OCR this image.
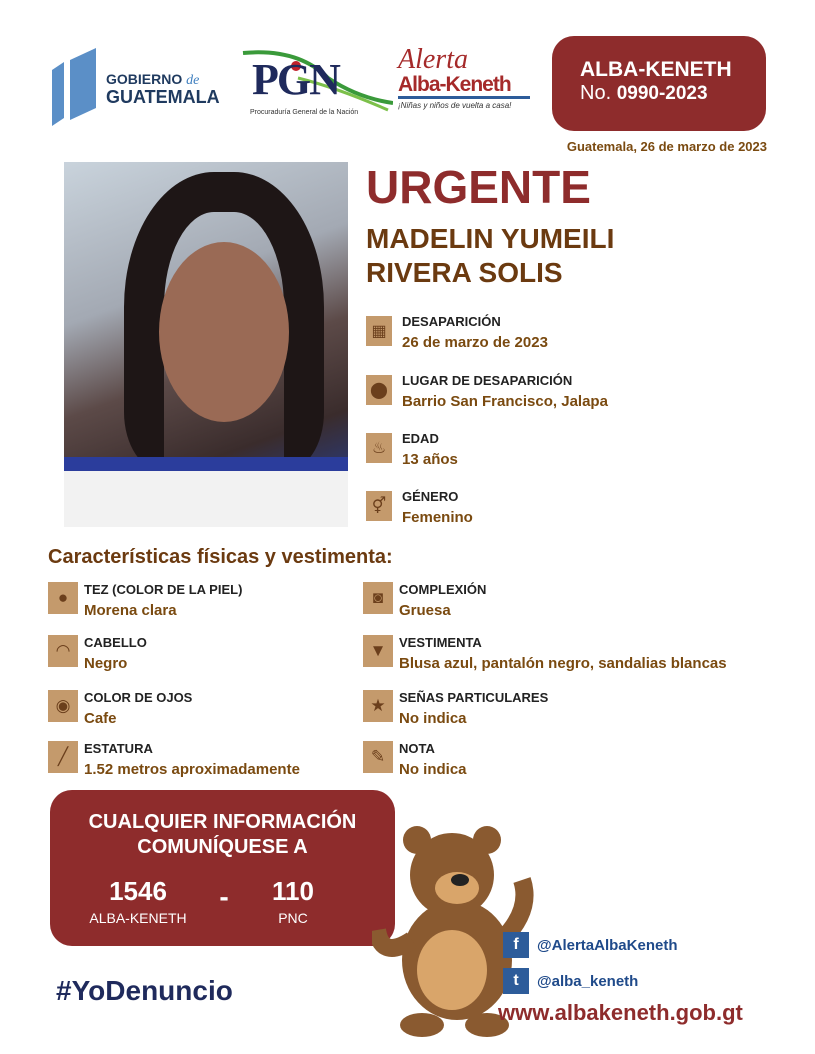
GOBIERNO de
GUATEMALA PGN
Procuraduría General de la Nación
Alerta
Alba-Keneth
¡Niñas y niños de vuelta a casa!
ALBA-KENETH
No. 0990-2023
Guatemala, 26 de marzo de 2023
URGENTE
MADELIN YUMEILI
RIVERA SOLIS
▦
DESAPARICIÓN
26 de marzo de 2023
⬤
LUGAR DE DESAPARICIÓN
Barrio San Francisco, Jalapa
♨
EDAD
13 años
⚥
GÉNERO
Femenino
Características físicas y vestimenta:
●	TEZ (COLOR DE LA PIEL)
Morena clara
◠	CABELLO
Negro
◉	COLOR DE OJOS
Cafe
╱	ESTATURA
1.52 metros aproximadamente
◙	COMPLEXIÓN
Gruesa
▼ VESTIMENTA
Blusa azul, pantalón negro, sandalias blancas
★	SEÑAS PARTICULARES
No indica
✎	NOTA
No indica
CUALQUIER INFORMACIÓN
COMUNÍQUESE A
1546
ALBA-KENETH
-	110
PNC
#YoDenuncio
f	@AlertaAlbaKeneth
t	@alba_keneth
www.albakeneth.gob.gt
